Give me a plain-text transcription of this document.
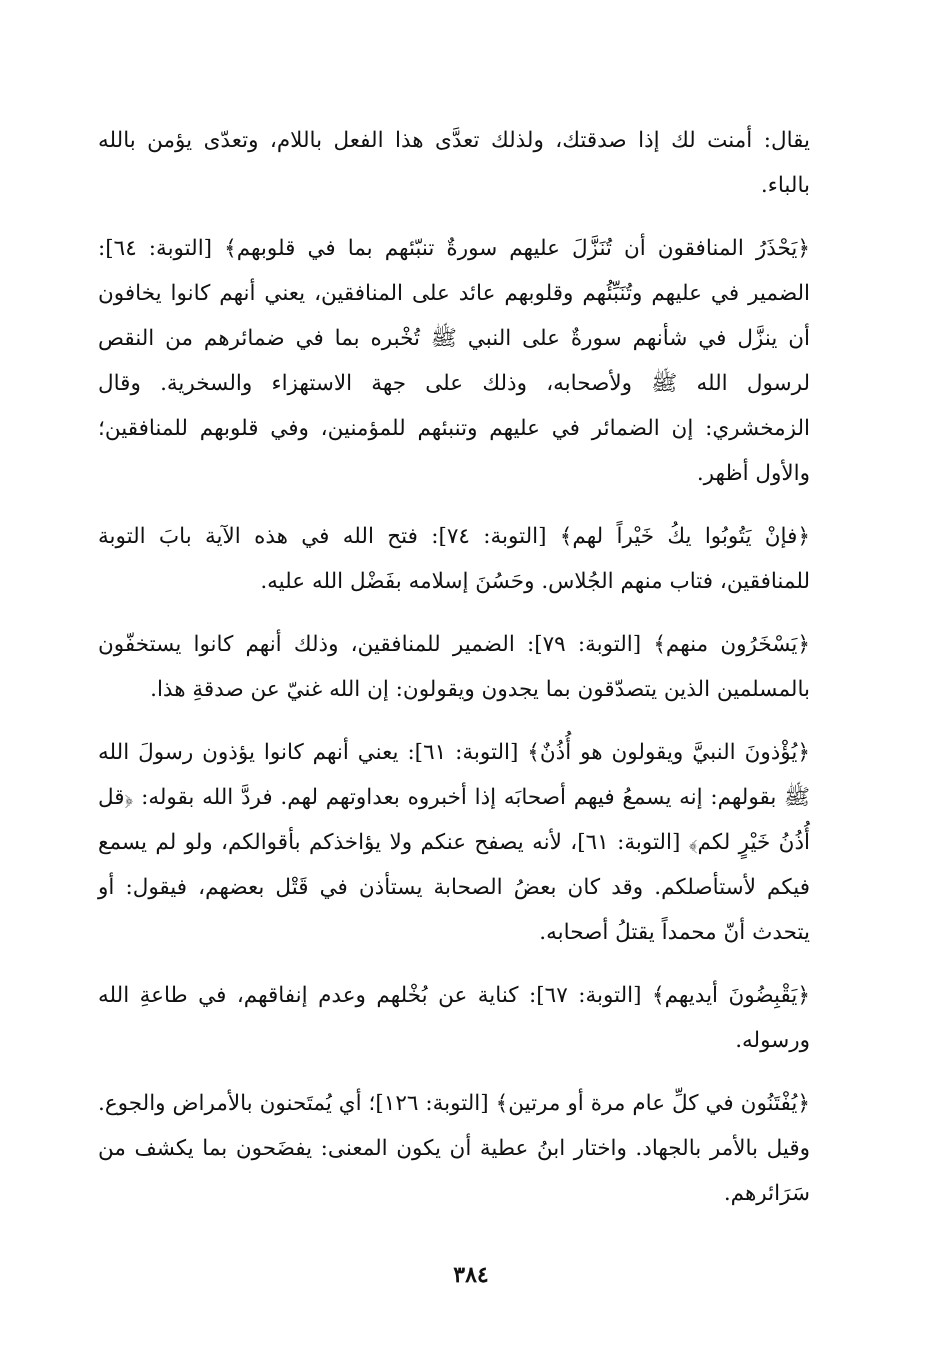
يقال: أمنت لك إذا صدقتك، ولذلك تعدَّى هذا الفعل باللام، وتعدّى يؤمن بالله بالباء.

﴿يَحْذَرُ المنافقون أن تُنَزَّلَ عليهم سورةٌ تنبّئهم بما في قلوبهم﴾ [التوبة: ٦٤]: الضمير في عليهم وتُنَبِّئُهم وقلوبهم عائد على المنافقين، يعني أنهم كانوا يخافون أن ينزَّل في شأنهم سورةٌ على النبي ﷺ تُخْبره بما في ضمائرهم من النقص لرسول الله ﷺ ولأصحابه، وذلك على جهة الاستهزاء والسخرية. وقال الزمخشري: إن الضمائر في عليهم وتنبئهم للمؤمنين، وفي قلوبهم للمنافقين؛ والأول أظهر.

﴿فإنْ يَتُوبُوا يكُ خَيْراً لهم﴾ [التوبة: ٧٤]: فتح الله في هذه الآية بابَ التوبة للمنافقين، فتاب منهم الجُلاس. وحَسُنَ إسلامه بفَضْل الله عليه.

﴿يَسْخَرُون منهم﴾ [التوبة: ٧٩]: الضمير للمنافقين، وذلك أنهم كانوا يستخفّون بالمسلمين الذين يتصدّقون بما يجدون ويقولون: إن الله غنيّ عن صدقةِ هذا.

﴿يُؤْذونَ النبيَّ ويقولون هو أُذُنٌ﴾ [التوبة: ٦١]: يعني أنهم كانوا يؤذون رسولَ الله ﷺ بقولهم: إنه يسمعُ فيهم أصحابَه إذا أخبروه بعداوتهم لهم. فردَّ الله بقوله: ﴿قل أُذُنُ خَيْرٍ لكم﴾ [التوبة: ٦١]، لأنه يصفح عنكم ولا يؤاخذكم بأقوالكم، ولو لم يسمع فيكم لأستأصلكم. وقد كان بعضُ الصحابة يستأذن في قَتْل بعضهم، فيقول: أو يتحدث أنّ محمداً يقتلُ أصحابه.

﴿يَقْبِضُونَ أيديهم﴾ [التوبة: ٦٧]: كناية عن بُخْلهم وعدم إنفاقهم، في طاعةِ الله ورسوله.

﴿يُفْتَنُون في كلِّ عام مرة أو مرتين﴾ [التوبة: ١٢٦]؛ أي يُمتَحنون بالأمراض والجوع. وقيل بالأمر بالجهاد. واختار ابنُ عطية أن يكون المعنى: يفضَحون بما يكشف من سَرَائرهم.

٣٨٤
